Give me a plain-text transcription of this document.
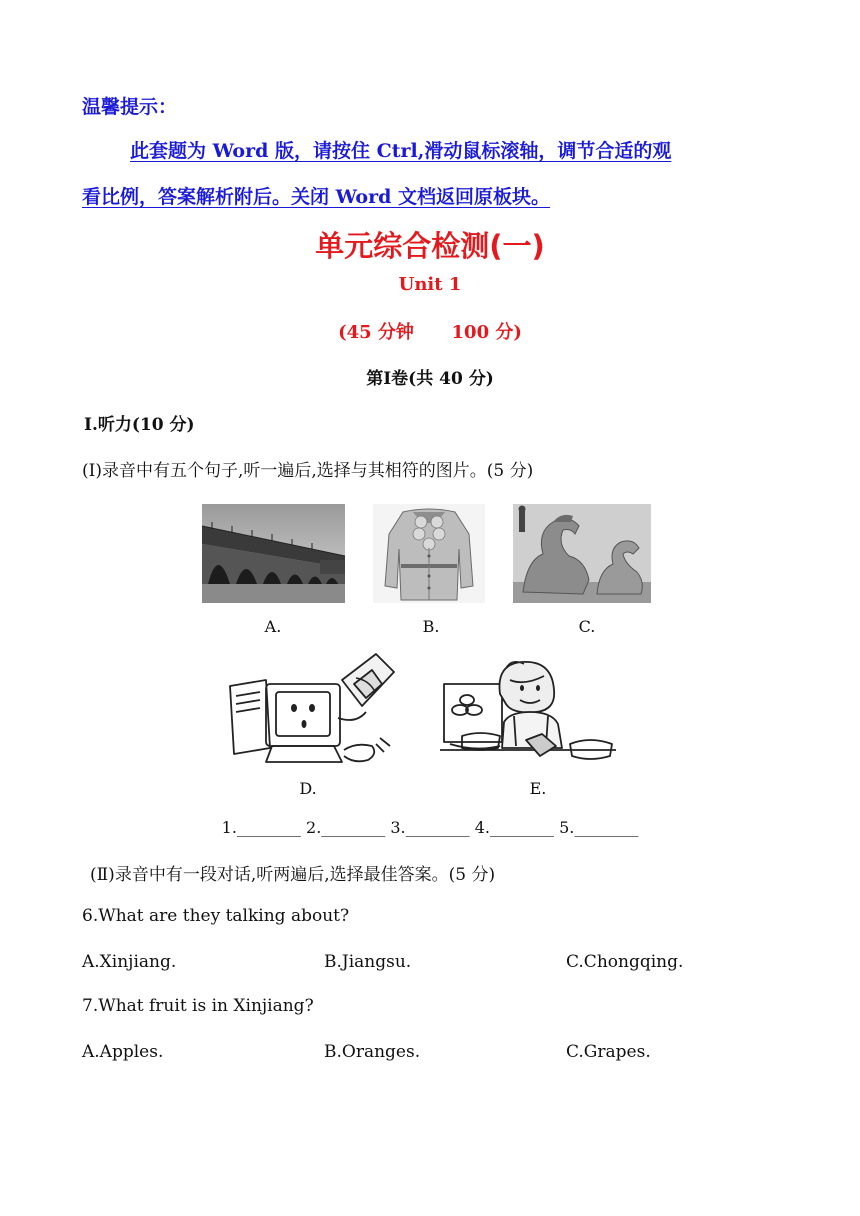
温馨提示：
此套题为 Word 版，请按住 Ctrl,滑动鼠标滚轴，调节合适的观
看比例，答案解析附后。关闭 Word 文档返回原板块。
单元综合检测(一)
Unit 1
(45 分钟      100 分)
第Ⅰ卷(共 40 分)
Ⅰ.听力(10 分)
(Ⅰ)录音中有五个句子,听一遍后,选择与其相符的图片。(5 分)
A.	B.	C.
D.	E.
1.________ 2.________ 3.________ 4.________ 5.________
(Ⅱ)录音中有一段对话,听两遍后,选择最佳答案。(5 分)
6.What are they talking about?
A.Xinjiang.	B.Jiangsu.	C.Chongqing.
7.What fruit is in Xinjiang?
A.Apples.	B.Oranges.	C.Grapes.
